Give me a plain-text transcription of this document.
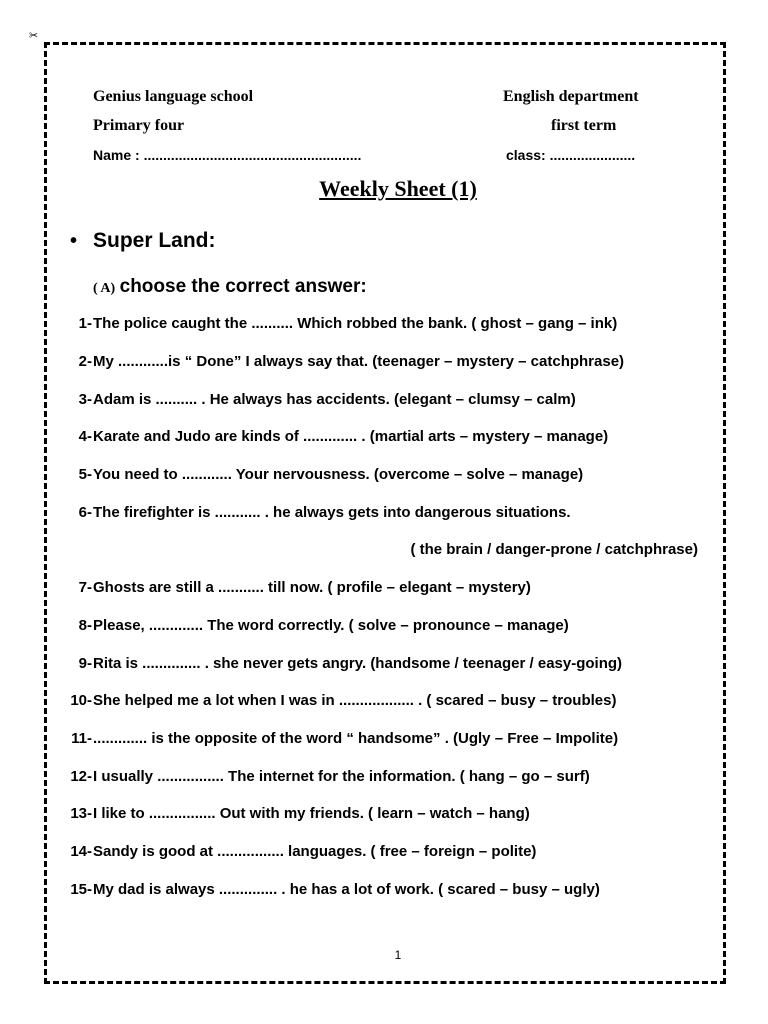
✂
Genius language school	English department
Primary four	first term
Name : ........................................................	class: ......................
Weekly Sheet (1)
• Super Land:
( A) choose the correct answer:
1- The police caught the .......... Which robbed the bank. ( ghost – gang – ink)
2- My ............is “ Done” I always say that. (teenager – mystery – catchphrase)
3- Adam is .......... . He always has accidents. (elegant – clumsy – calm)
4- Karate and Judo are kinds of ............. . (martial arts – mystery – manage)
5- You need to ............ Your nervousness. (overcome – solve – manage)
6- The firefighter is ........... . he always gets into dangerous situations.
7- Ghosts are still a ........... till now. ( profile – elegant – mystery)
8- Please, ............. The word correctly. ( solve – pronounce – manage)
9- Rita is .............. . she never gets angry. (handsome / teenager / easy-going)
10- She helped me a lot when I was in .................. . ( scared – busy – troubles)
11- ............. is the opposite of the word “ handsome” . (Ugly – Free – Impolite)
12- I usually ................ The internet for the information. ( hang – go – surf)
13- I like to ................ Out with my friends. ( learn – watch – hang)
14- Sandy is good at ................ languages. ( free – foreign – polite)
15- My dad is always .............. . he has a lot of work. ( scared – busy – ugly)
( the brain / danger-prone / catchphrase)
1
